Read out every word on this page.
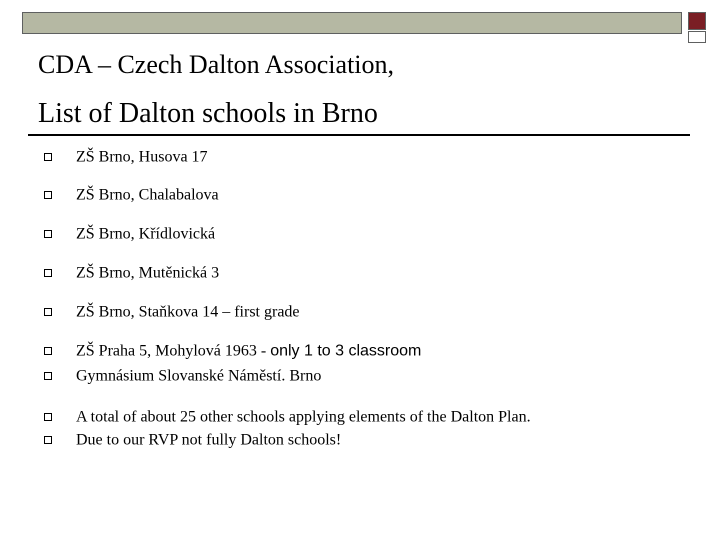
CDA – Czech Dalton Association,
List of Dalton schools in Brno
ZŠ Brno, Husova 17
ZŠ Brno, Chalabalova
ZŠ Brno, Křídlovická
ZŠ Brno, Mutěnická 3
ZŠ Brno, Staňkova 14 – first grade
ZŠ Praha 5, Mohylová 1963 - only 1 to 3 classroom
Gymnásium Slovanské Náměstí. Brno
A total of about 25 other schools applying elements of the Dalton Plan.
Due to our RVP not fully Dalton schools!
